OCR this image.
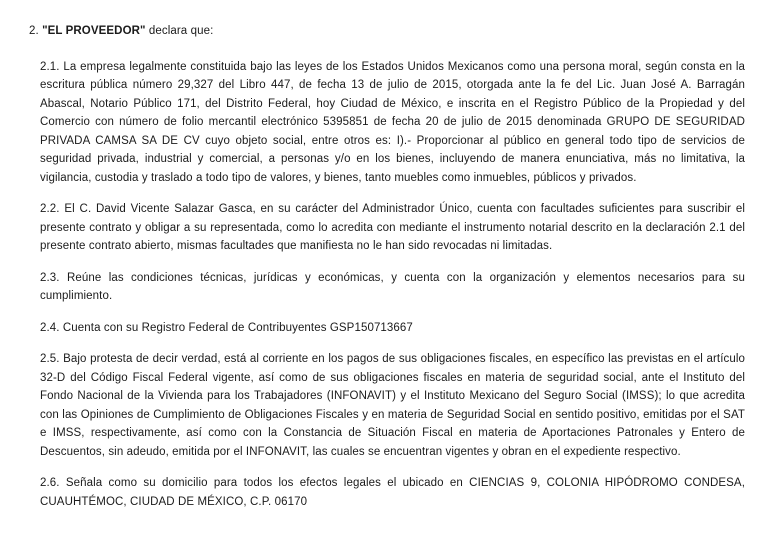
2. "EL PROVEEDOR" declara que:

2.1. La empresa legalmente constituida bajo las leyes de los Estados Unidos Mexicanos como una persona moral, según consta en la escritura pública número 29,327 del Libro 447, de fecha 13 de julio de 2015, otorgada ante la fe del Lic. Juan José A. Barragán Abascal, Notario Público 171, del Distrito Federal, hoy Ciudad de México, e inscrita en el Registro Público de la Propiedad y del Comercio con número de folio mercantil electrónico 5395851 de fecha 20 de julio de 2015 denominada GRUPO DE SEGURIDAD PRIVADA CAMSA SA DE CV cuyo objeto social, entre otros es: I).- Proporcionar al público en general todo tipo de servicios de seguridad privada, industrial y comercial, a personas y/o en los bienes, incluyendo de manera enunciativa, más no limitativa, la vigilancia, custodia y traslado a todo tipo de valores, y bienes, tanto muebles como inmuebles, públicos y privados.

2.2. El C. David Vicente Salazar Gasca, en su carácter del Administrador Único, cuenta con facultades suficientes para suscribir el presente contrato y obligar a su representada, como lo acredita con mediante el instrumento notarial descrito en la declaración 2.1 del presente contrato abierto, mismas facultades que manifiesta no le han sido revocadas ni limitadas.

2.3. Reúne las condiciones técnicas, jurídicas y económicas, y cuenta con la organización y elementos necesarios para su cumplimiento.

2.4. Cuenta con su Registro Federal de Contribuyentes GSP150713667

2.5. Bajo protesta de decir verdad, está al corriente en los pagos de sus obligaciones fiscales, en específico las previstas en el artículo 32-D del Código Fiscal Federal vigente, así como de sus obligaciones fiscales en materia de seguridad social, ante el Instituto del Fondo Nacional de la Vivienda para los Trabajadores (INFONAVIT) y el Instituto Mexicano del Seguro Social (IMSS); lo que acredita con las Opiniones de Cumplimiento de Obligaciones Fiscales y en materia de Seguridad Social en sentido positivo, emitidas por el SAT e IMSS, respectivamente, así como con la Constancia de Situación Fiscal en materia de Aportaciones Patronales y Entero de Descuentos, sin adeudo, emitida por el INFONAVIT, las cuales se encuentran vigentes y obran en el expediente respectivo.

2.6. Señala como su domicilio para todos los efectos legales el ubicado en CIENCIAS 9, COLONIA HIPÓDROMO CONDESA, CUAUHTÉMOC, CIUDAD DE MÉXICO, C.P. 06170
